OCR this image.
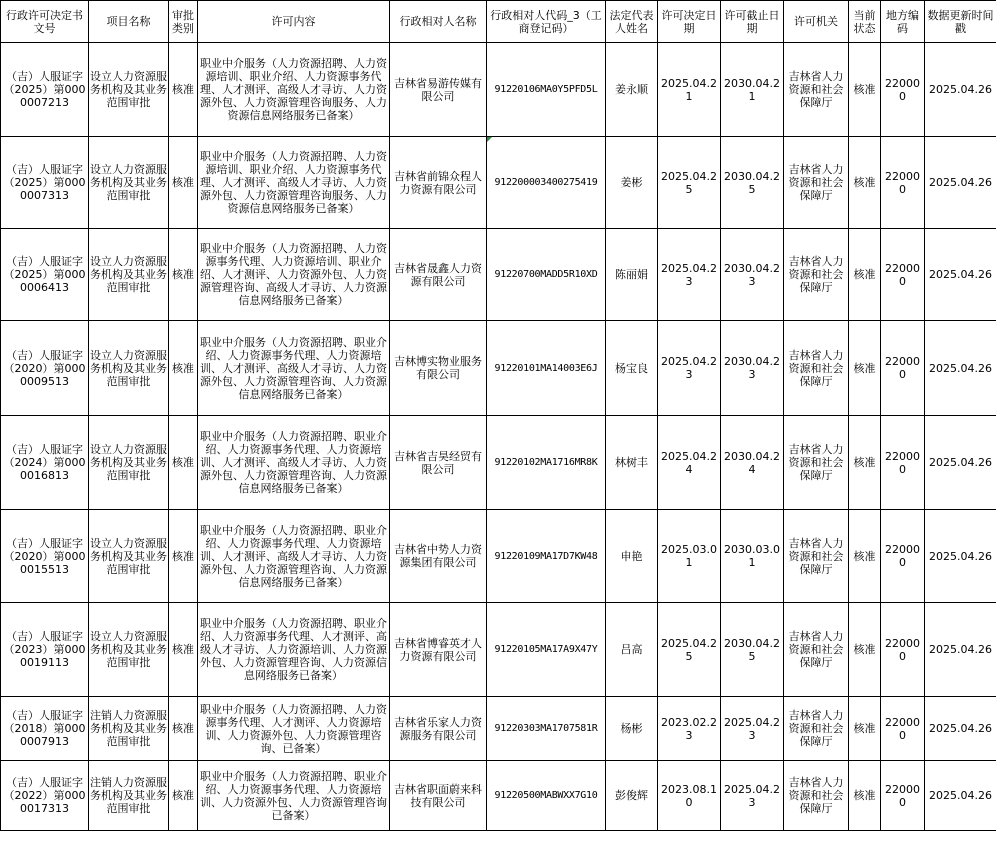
行政许可决定书文号	项目名称	审批类别	许可内容	行政相对人名称	行政相对人代码_3（工商登记码）	法定代表人姓名	许可决定日期	许可截止日期	许可机关	当前状态	地方编码	数据更新时间戳
（吉）人服证字（2025）第0000007213	设立人力资源服务机构及其业务范围审批	核准	职业中介服务（人力资源招聘、人力资源培训、职业介绍、人力资源事务代理、人才测评、高级人才寻访、人力资源外包、人力资源管理咨询服务、人力资源信息网络服务已备案）	吉林省易游传媒有限公司	91220106MA0Y5PFD5L	姜永顺	2025.04.21	2030.04.21	吉林省人力资源和社会保障厅	核准	220000	2025.04.26
（吉）人服证字（2025）第0000007313	设立人力资源服务机构及其业务范围审批	核准	职业中介服务（人力资源招聘、人力资源培训、职业介绍、人力资源事务代理、人才测评、高级人才寻访、人力资源外包、人力资源管理咨询服务、人力资源信息网络服务已备案）	吉林省前锦众程人力资源有限公司	912200003400275419	姜彬	2025.04.25	2030.04.25	吉林省人力资源和社会保障厅	核准	220000	2025.04.26
（吉）人服证字（2025）第0000006413	设立人力资源服务机构及其业务范围审批	核准	职业中介服务（人力资源招聘、人力资源事务代理、人力资源培训、职业介绍、人才测评、人力资源外包、人力资源管理咨询、高级人才寻访、人力资源信息网络服务已备案）	吉林省晟鑫人力资源有限公司	91220700MADD5R10XD	陈丽娟	2025.04.23	2030.04.23	吉林省人力资源和社会保障厅	核准	220000	2025.04.26
（吉）人服证字（2020）第0000009513	设立人力资源服务机构及其业务范围审批	核准	职业中介服务（人力资源招聘、职业介绍、人力资源事务代理、人力资源培训、人才测评、高级人才寻访、人力资源外包、人力资源管理咨询、人力资源信息网络服务已备案）	吉林博实物业服务有限公司	91220101MA14003E6J	杨宝良	2025.04.23	2030.04.23	吉林省人力资源和社会保障厅	核准	220000	2025.04.26
（吉）人服证字（2024）第0000016813	设立人力资源服务机构及其业务范围审批	核准	职业中介服务（人力资源招聘、职业介绍、人力资源事务代理、人力资源培训、人才测评、高级人才寻访、人力资源外包、人力资源管理咨询、人力资源信息网络服务已备案）	吉林省吉昊经贸有限公司	91220102MA1716MR8K	林树丰	2025.04.24	2030.04.24	吉林省人力资源和社会保障厅	核准	220000	2025.04.26
（吉）人服证字（2020）第0000015513	设立人力资源服务机构及其业务范围审批	核准	职业中介服务（人力资源招聘、职业介绍、人力资源事务代理、人力资源培训、人才测评、高级人才寻访、人力资源外包、人力资源管理咨询、人力资源信息网络服务已备案）	吉林省中势人力资源集团有限公司	91220109MA17D7KW48	申艳	2025.03.01	2030.03.01	吉林省人力资源和社会保障厅	核准	220000	2025.04.26
（吉）人服证字（2023）第0000019113	设立人力资源服务机构及其业务范围审批	核准	职业中介服务（人力资源招聘、职业介绍、人力资源事务代理、人才测评、高级人才寻访、人力资源培训、人力资源外包、人力资源管理咨询、人力资源信息网络服务已备案）	吉林省博睿英才人力资源有限公司	91220105MA17A9X47Y	吕高	2025.04.25	2030.04.25	吉林省人力资源和社会保障厅	核准	220000	2025.04.26
（吉）人服证字（2018）第0000007913	注销人力资源服务机构及其业务范围审批	核准	职业中介服务（人力资源招聘、人力资源事务代理、人才测评、人力资源培训、人力资源外包、人力资源管理咨询、已备案）	吉林省乐家人力资源服务有限公司	91220303MA1707581R	杨彬	2023.02.23	2025.04.23	吉林省人力资源和社会保障厅	核准	220000	2025.04.26
（吉）人服证字（2022）第0000017313	注销人力资源服务机构及其业务范围审批	核准	职业中介服务（人力资源招聘、职业介绍、人力资源事务代理、人力资源培训、人力资源外包、人力资源管理咨询已备案）	吉林省职面蔚来科技有限公司	91220500MABWXX7G10	彭俊辉	2023.08.10	2025.04.23	吉林省人力资源和社会保障厅	核准	220000	2025.04.26
